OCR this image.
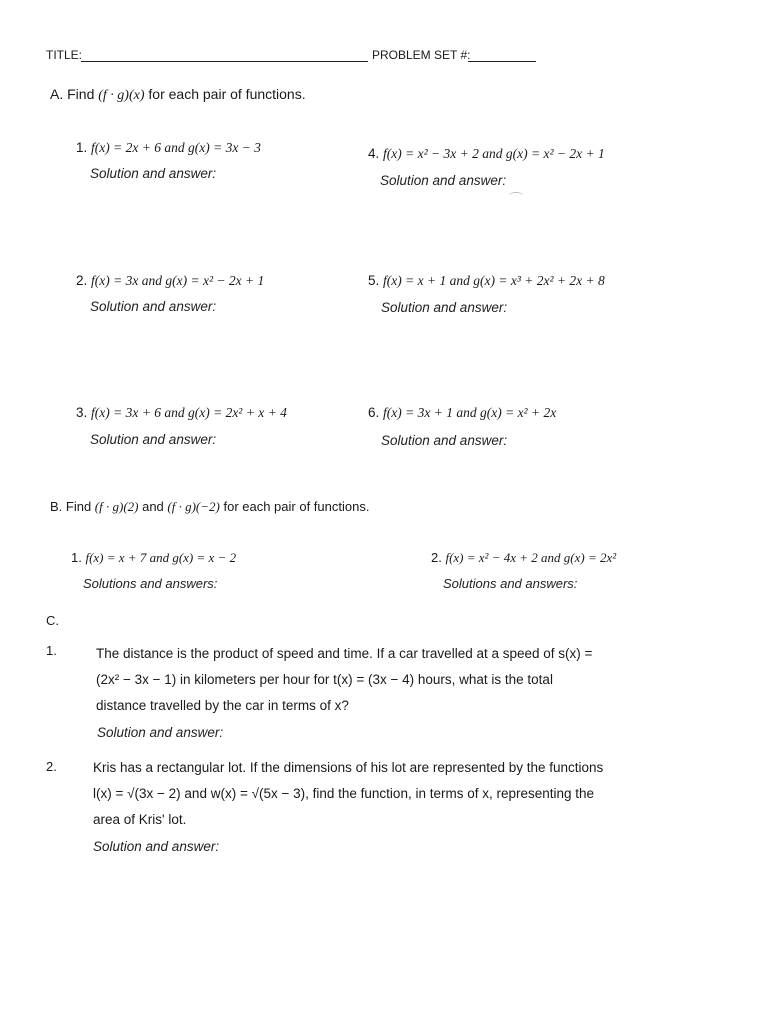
TITLE:	PROBLEM SET #:
A. Find (f · g)(x) for each pair of functions.
1. f(x) = 2x + 6 and g(x) = 3x − 3
Solution and answer:
4. f(x) = x² − 3x + 2 and g(x) = x² − 2x + 1
Solution and answer:
2. f(x) = 3x and g(x) = x² − 2x + 1
Solution and answer:
5. f(x) = x + 1 and g(x) = x³ + 2x² + 2x + 8
Solution and answer:
3. f(x) = 3x + 6 and g(x) = 2x² + x + 4
Solution and answer:
6. f(x) = 3x + 1 and g(x) = x² + 2x
Solution and answer:
B. Find (f · g)(2) and (f · g)(−2) for each pair of functions.
1. f(x) = x + 7 and g(x) = x − 2
Solutions and answers:
2. f(x) = x² − 4x + 2 and g(x) = 2x²
Solutions and answers:
C.
1.	The distance is the product of speed and time. If a car travelled at a speed of s(x) =
(2x² − 3x − 1) in kilometers per hour for t(x) = (3x − 4) hours, what is the total
distance travelled by the car in terms of x?
Solution and answer:
2.	Kris has a rectangular lot. If the dimensions of his lot are represented by the functions
l(x) = √(3x − 2) and w(x) = √(5x − 3), find the function, in terms of x, representing the
area of Kris' lot.
Solution and answer:
